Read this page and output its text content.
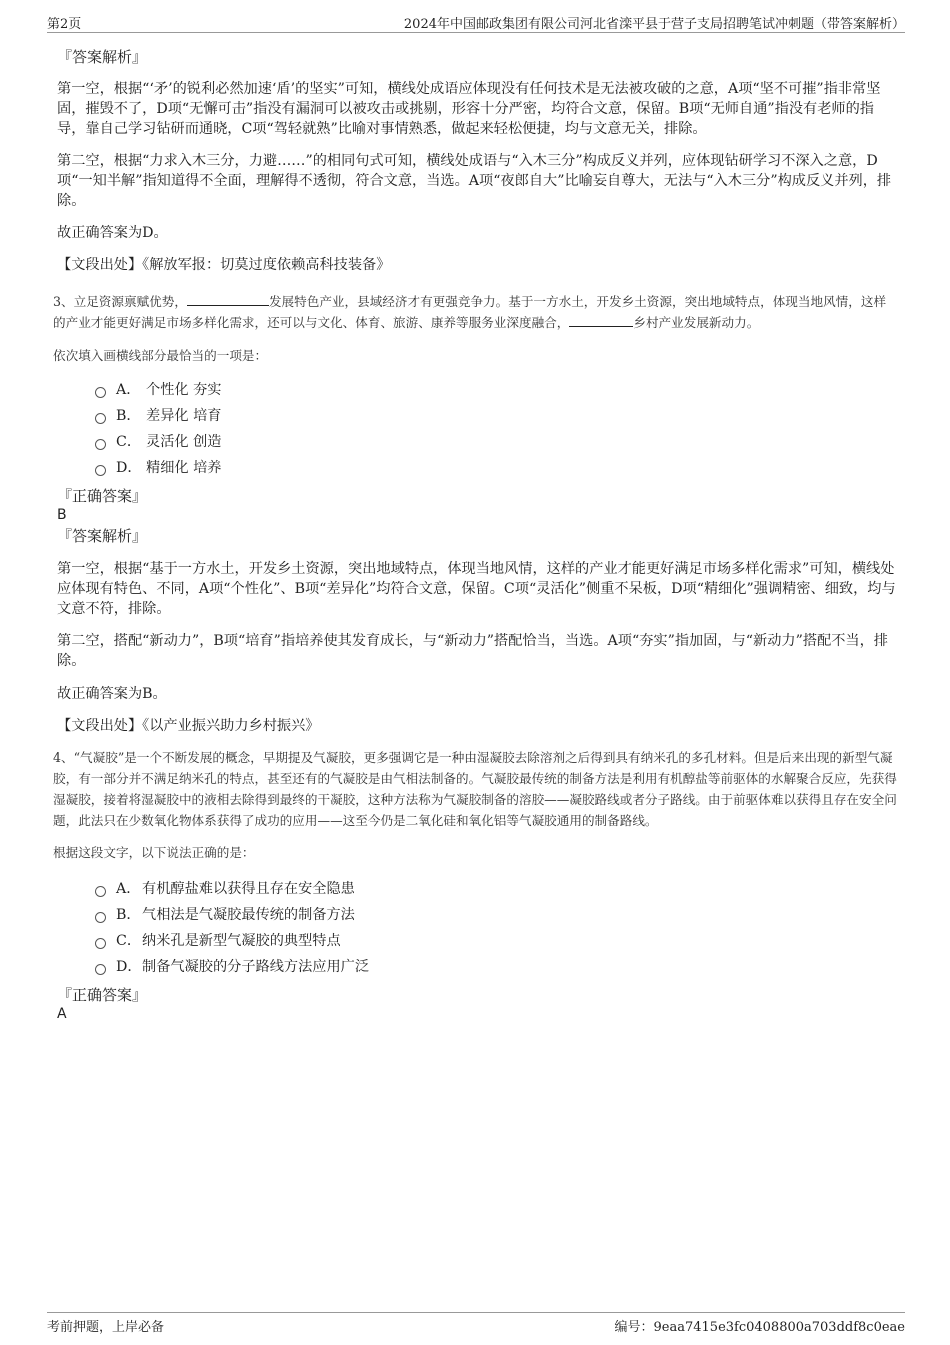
第2页	2024年中国邮政集团有限公司河北省滦平县于营子支局招聘笔试冲刺题（带答案解析）

『答案解析』

第一空，根据“‘矛’的锐利必然加速‘盾’的坚实”可知，横线处成语应体现没有任何技术是无法被攻破的之意，A项“坚不可摧”指非常坚固，摧毁不了，D项“无懈可击”指没有漏洞可以被攻击或挑剔，形容十分严密，均符合文意，保留。B项“无师自通”指没有老师的指导，靠自己学习钻研而通晓，C项“驾轻就熟”比喻对事情熟悉，做起来轻松便捷，均与文意无关，排除。

第二空，根据“力求入木三分，力避……”的相同句式可知，横线处成语与“入木三分”构成反义并列，应体现钻研学习不深入之意，D项“一知半解”指知道得不全面，理解得不透彻，符合文意，当选。A项“夜郎自大”比喻妄自尊大，无法与“入木三分”构成反义并列，排除。

故正确答案为D。

【文段出处】《解放军报：切莫过度依赖高科技装备》

3、立足资源禀赋优势，	发展特色产业，县域经济才有更强竞争力。基于一方水土，开发乡土资源，突出地域特点，体现当地风情，这样的产业才能更好满足市场多样化需求，还可以与文化、体育、旅游、康养等服务业深度融合，	乡村产业发展新动力。

依次填入画横线部分最恰当的一项是：

A． 个性化 夯实
B． 差异化 培育
C． 灵活化 创造
D． 精细化 培养

『正确答案』

B

『答案解析』

第一空，根据“基于一方水土，开发乡土资源，突出地域特点，体现当地风情，这样的产业才能更好满足市场多样化需求”可知，横线处应体现有特色、不同，A项“个性化”、B项“差异化”均符合文意，保留。C项“灵活化”侧重不呆板，D项“精细化”强调精密、细致，均与文意不符，排除。

第二空，搭配“新动力”，B项“培育”指培养使其发育成长，与“新动力”搭配恰当，当选。A项“夯实”指加固，与“新动力”搭配不当，排除。

故正确答案为B。

【文段出处】《以产业振兴助力乡村振兴》

4、“气凝胶”是一个不断发展的概念，早期提及气凝胶，更多强调它是一种由湿凝胶去除溶剂之后得到具有纳米孔的多孔材料。但是后来出现的新型气凝胶，有一部分并不满足纳米孔的特点，甚至还有的气凝胶是由气相法制备的。气凝胶最传统的制备方法是利用有机醇盐等前驱体的水解聚合反应，先获得湿凝胶，接着将湿凝胶中的液相去除得到最终的干凝胶，这种方法称为气凝胶制备的溶胶——凝胶路线或者分子路线。由于前驱体难以获得且存在安全问题，此法只在少数氧化物体系获得了成功的应用——这至今仍是二氧化硅和氧化铝等气凝胶通用的制备路线。

根据这段文字，以下说法正确的是：

A． 有机醇盐难以获得且存在安全隐患
B． 气相法是气凝胶最传统的制备方法
C． 纳米孔是新型气凝胶的典型特点
D． 制备气凝胶的分子路线方法应用广泛

『正确答案』

A

考前押题，上岸必备	编号：9eaa7415e3fc0408800a703ddf8c0eae
